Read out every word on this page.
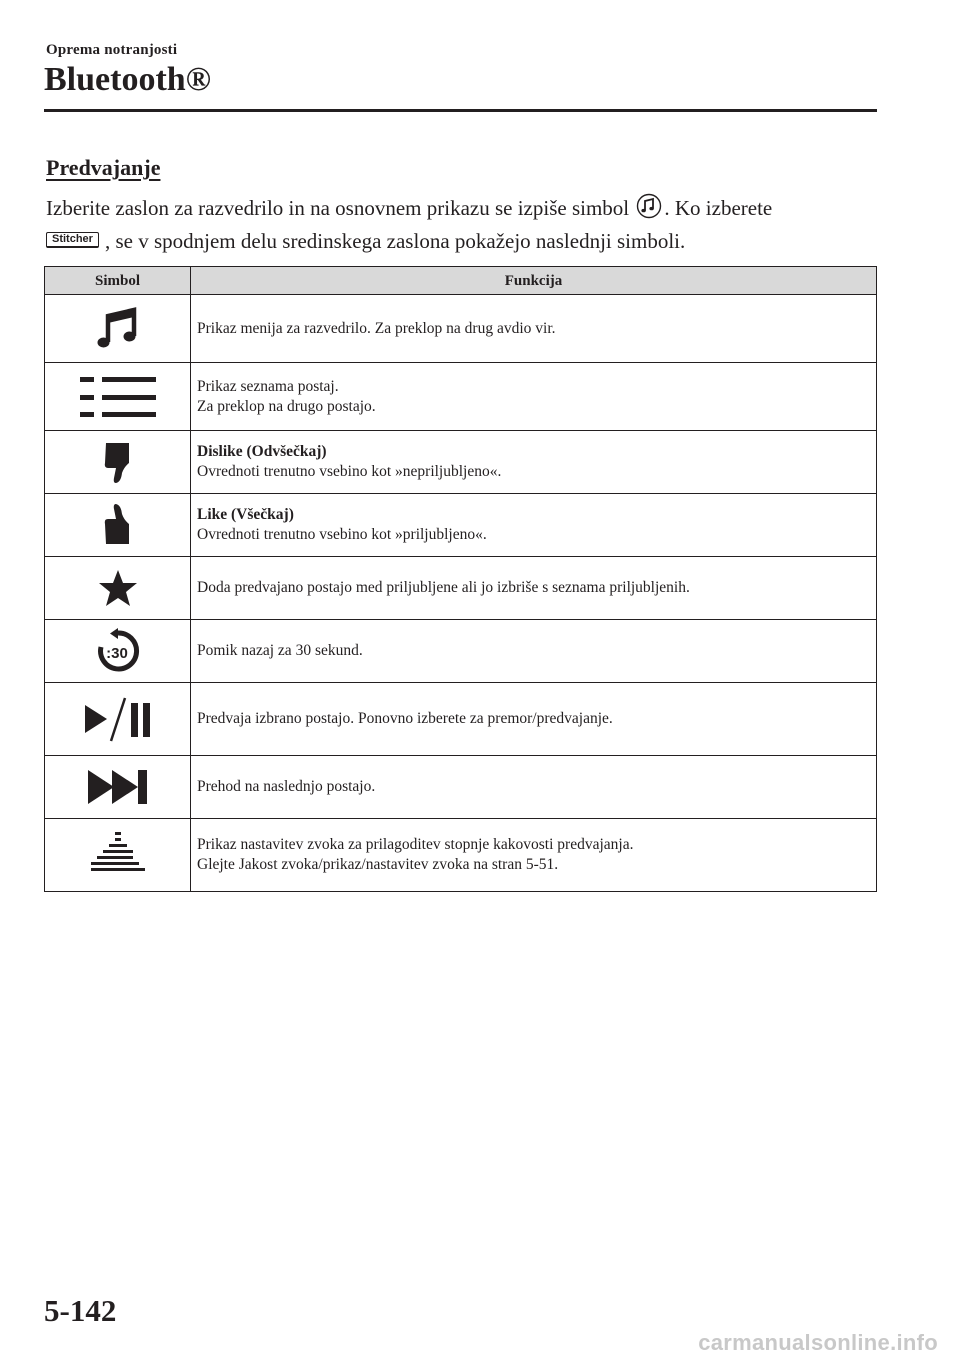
Oprema notranjosti
Bluetooth®
Predvajanje
Izberite zaslon za razvedrilo in na osnovnem prikazu se izpiše simbol . Ko izberete
Stitcher , se v spodnjem delu sredinskega zaslona pokažejo naslednji simboli.
Simbol	Funkcija

Prikaz menija za razvedrilo. Za preklop na drug avdio vir.

Prikaz seznama postaj.
Za preklop na drugo postajo.

Dislike (Odvšečkaj)
Ovrednoti trenutno vsebino kot »nepriljubljeno«.

Like (Všečkaj)
Ovrednoti trenutno vsebino kot »priljubljeno«.

Doda predvajano postajo med priljubljene ali jo izbriše s seznama priljubljenih.

:30	Pomik nazaj za 30 sekund.

Predvaja izbrano postajo. Ponovno izberete za premor/predvajanje.

Prehod na naslednjo postajo.

Prikaz nastavitev zvoka za prilagoditev stopnje kakovosti predvajanja.
Glejte Jakost zvoka/prikaz/nastavitev zvoka na stran 5-51.
5-142
carmanualsonline.info
